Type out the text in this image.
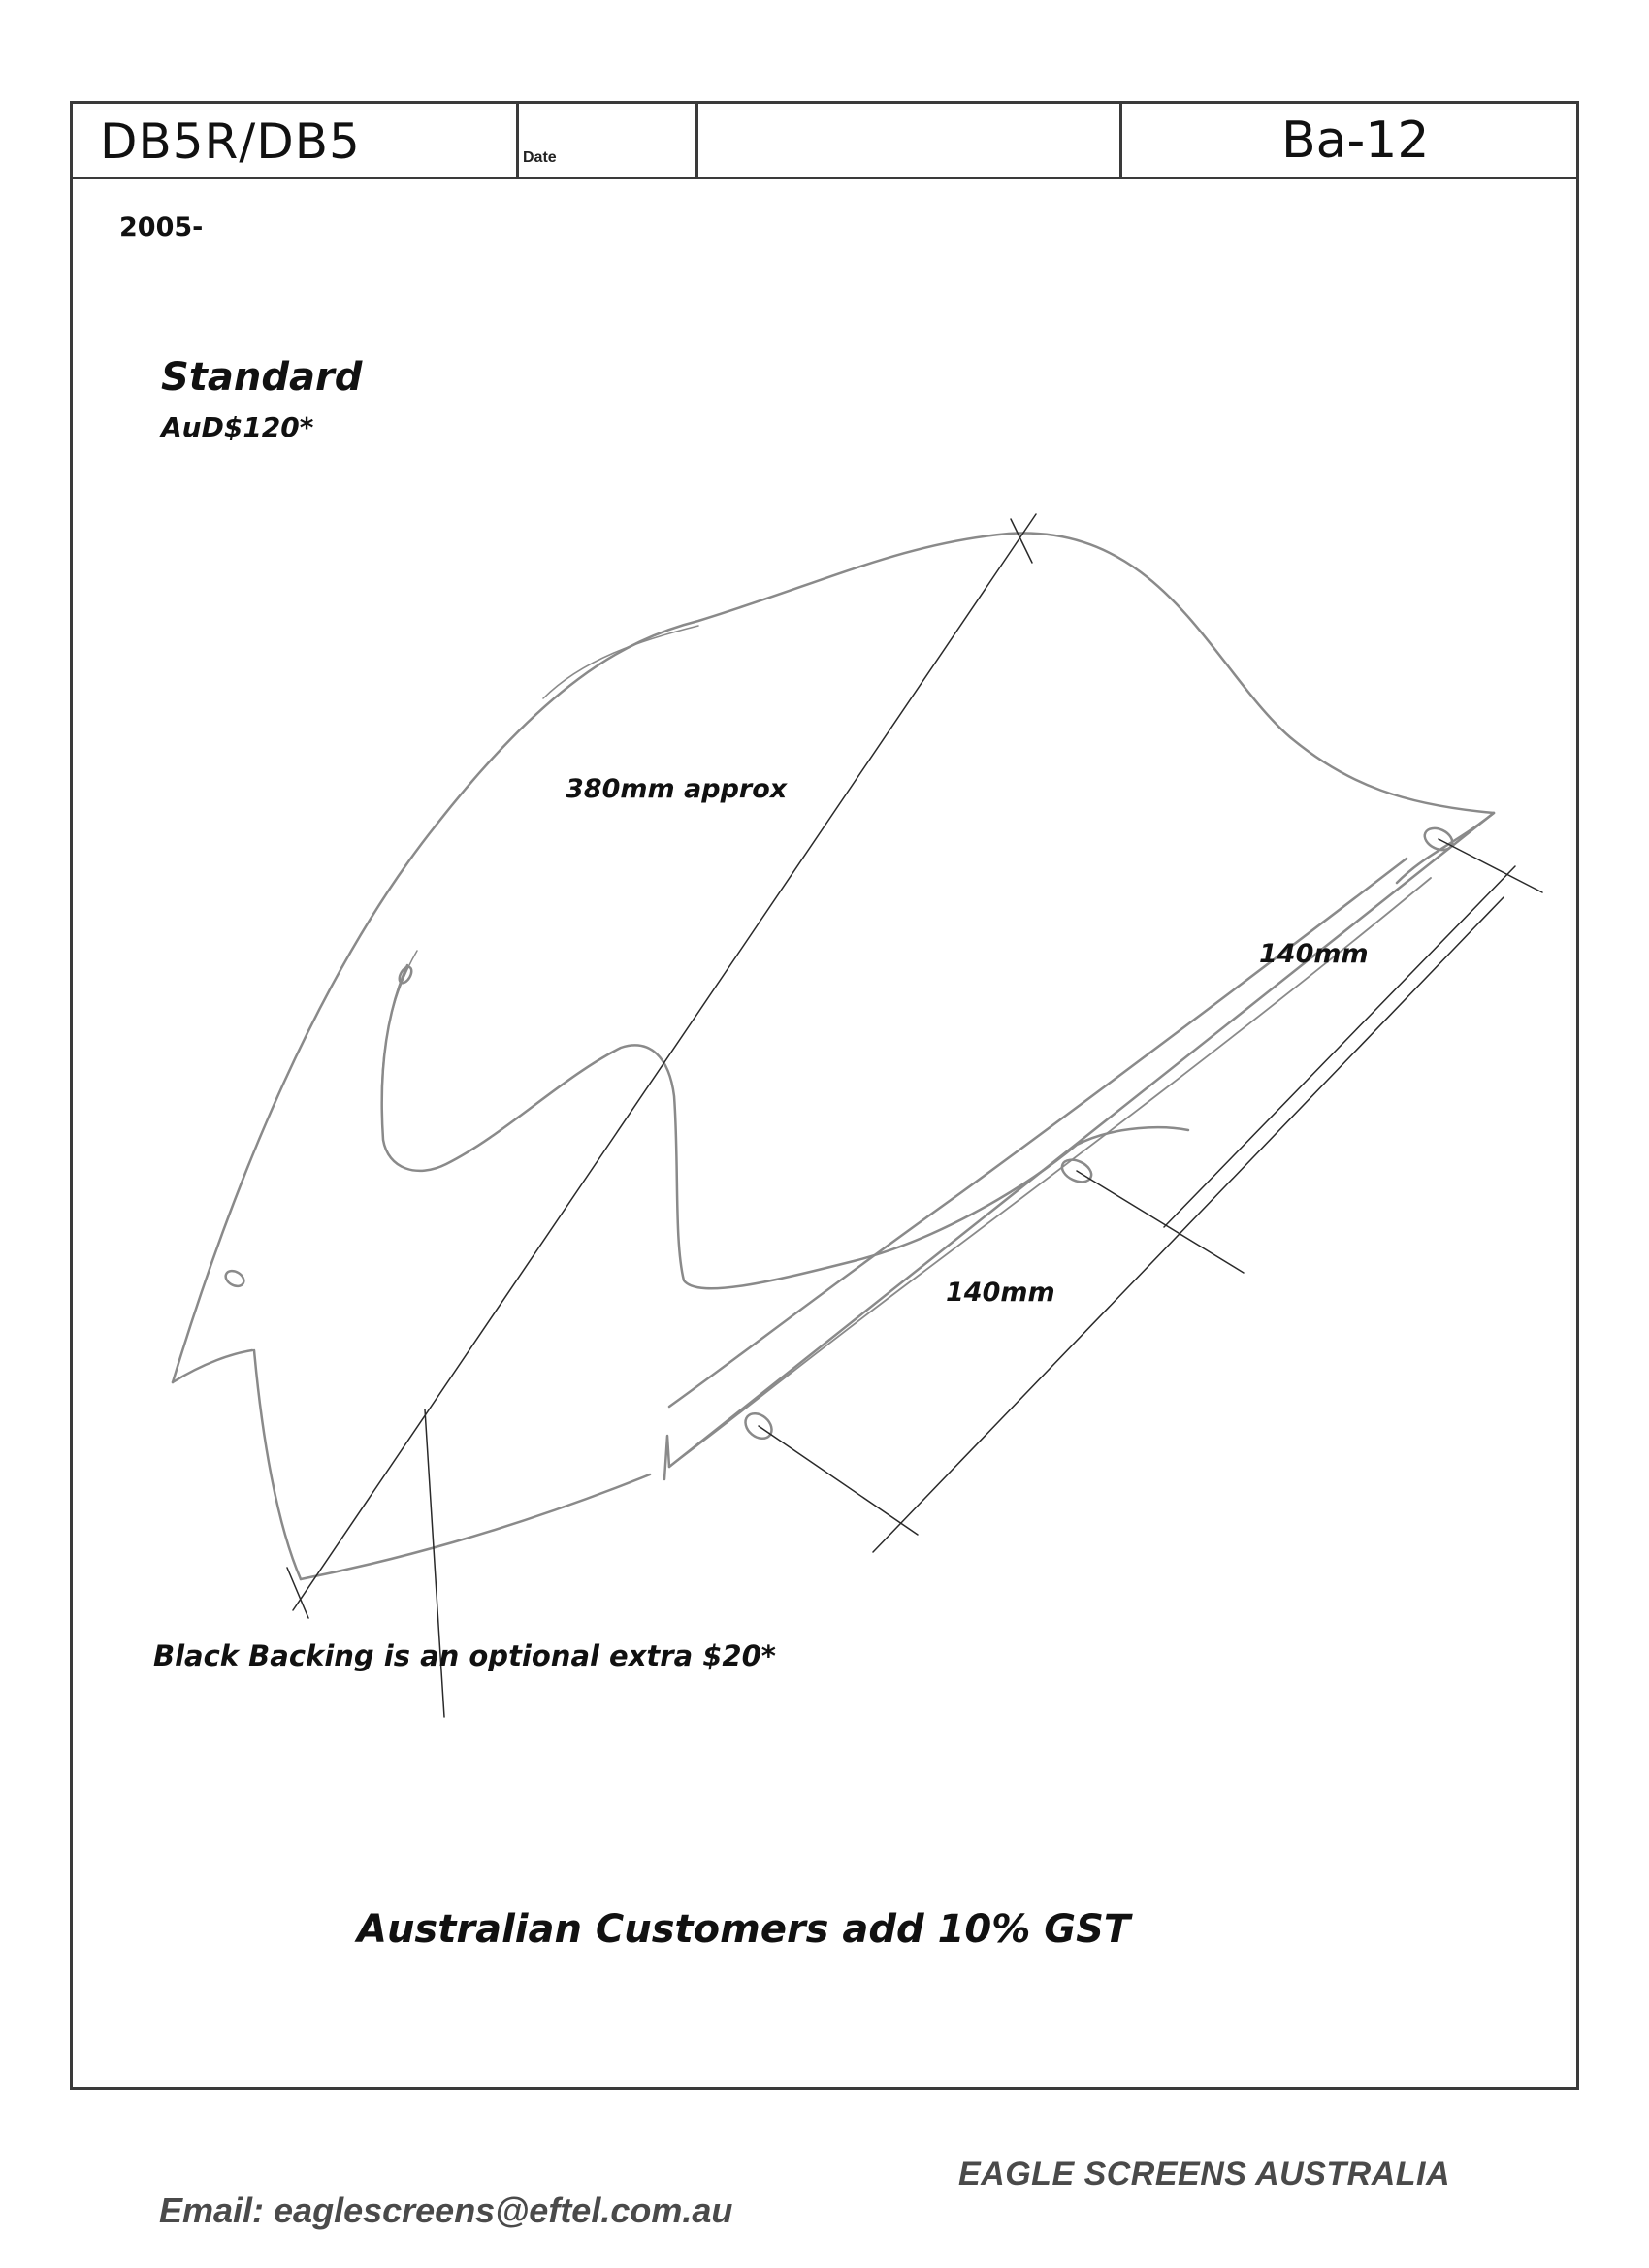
DB5R/DB5	Date	Ba-12
2005-
Standard
AuD$120*
380mm approx
140mm
140mm
Black Backing is an optional extra $20*
Australian Customers add 10% GST
EAGLE SCREENS AUSTRALIA
Email: eaglescreens@eftel.com.au
